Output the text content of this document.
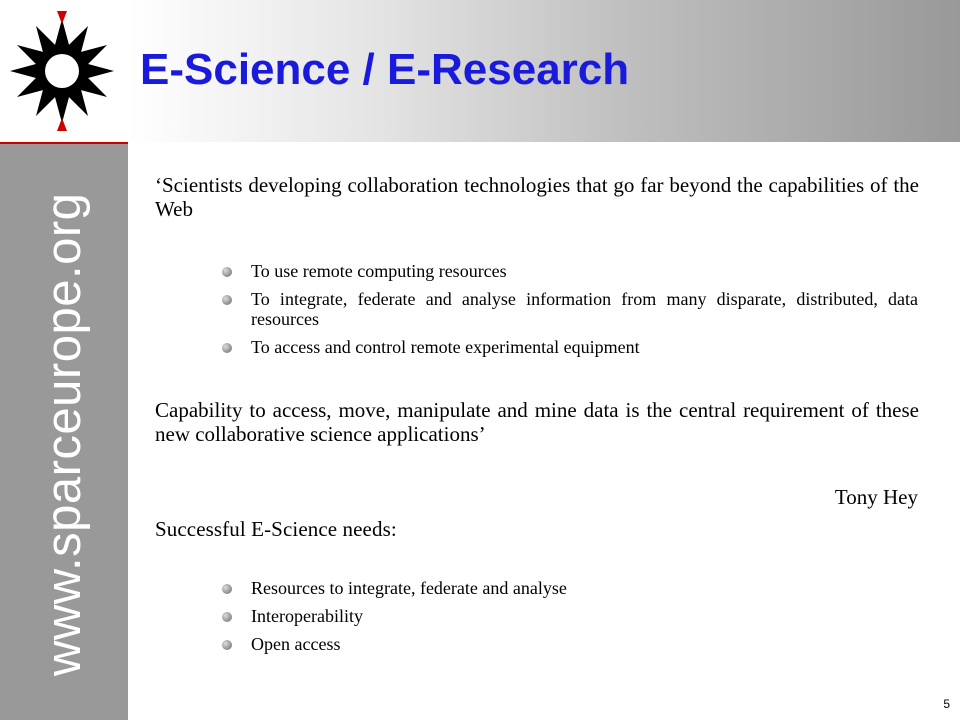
www.sparceurope.org
E-Science / E-Research

‘Scientists developing collaboration technologies that go far beyond the capabilities of the Web

To use remote computing resources
To integrate, federate and analyse information from many disparate, distributed, data resources
To access and control remote experimental equipment

Capability to access, move, manipulate and mine data is the central requirement of these new collaborative science applications’

Tony Hey

Successful E-Science needs:

Resources to integrate, federate and analyse
Interoperability
Open access
5
